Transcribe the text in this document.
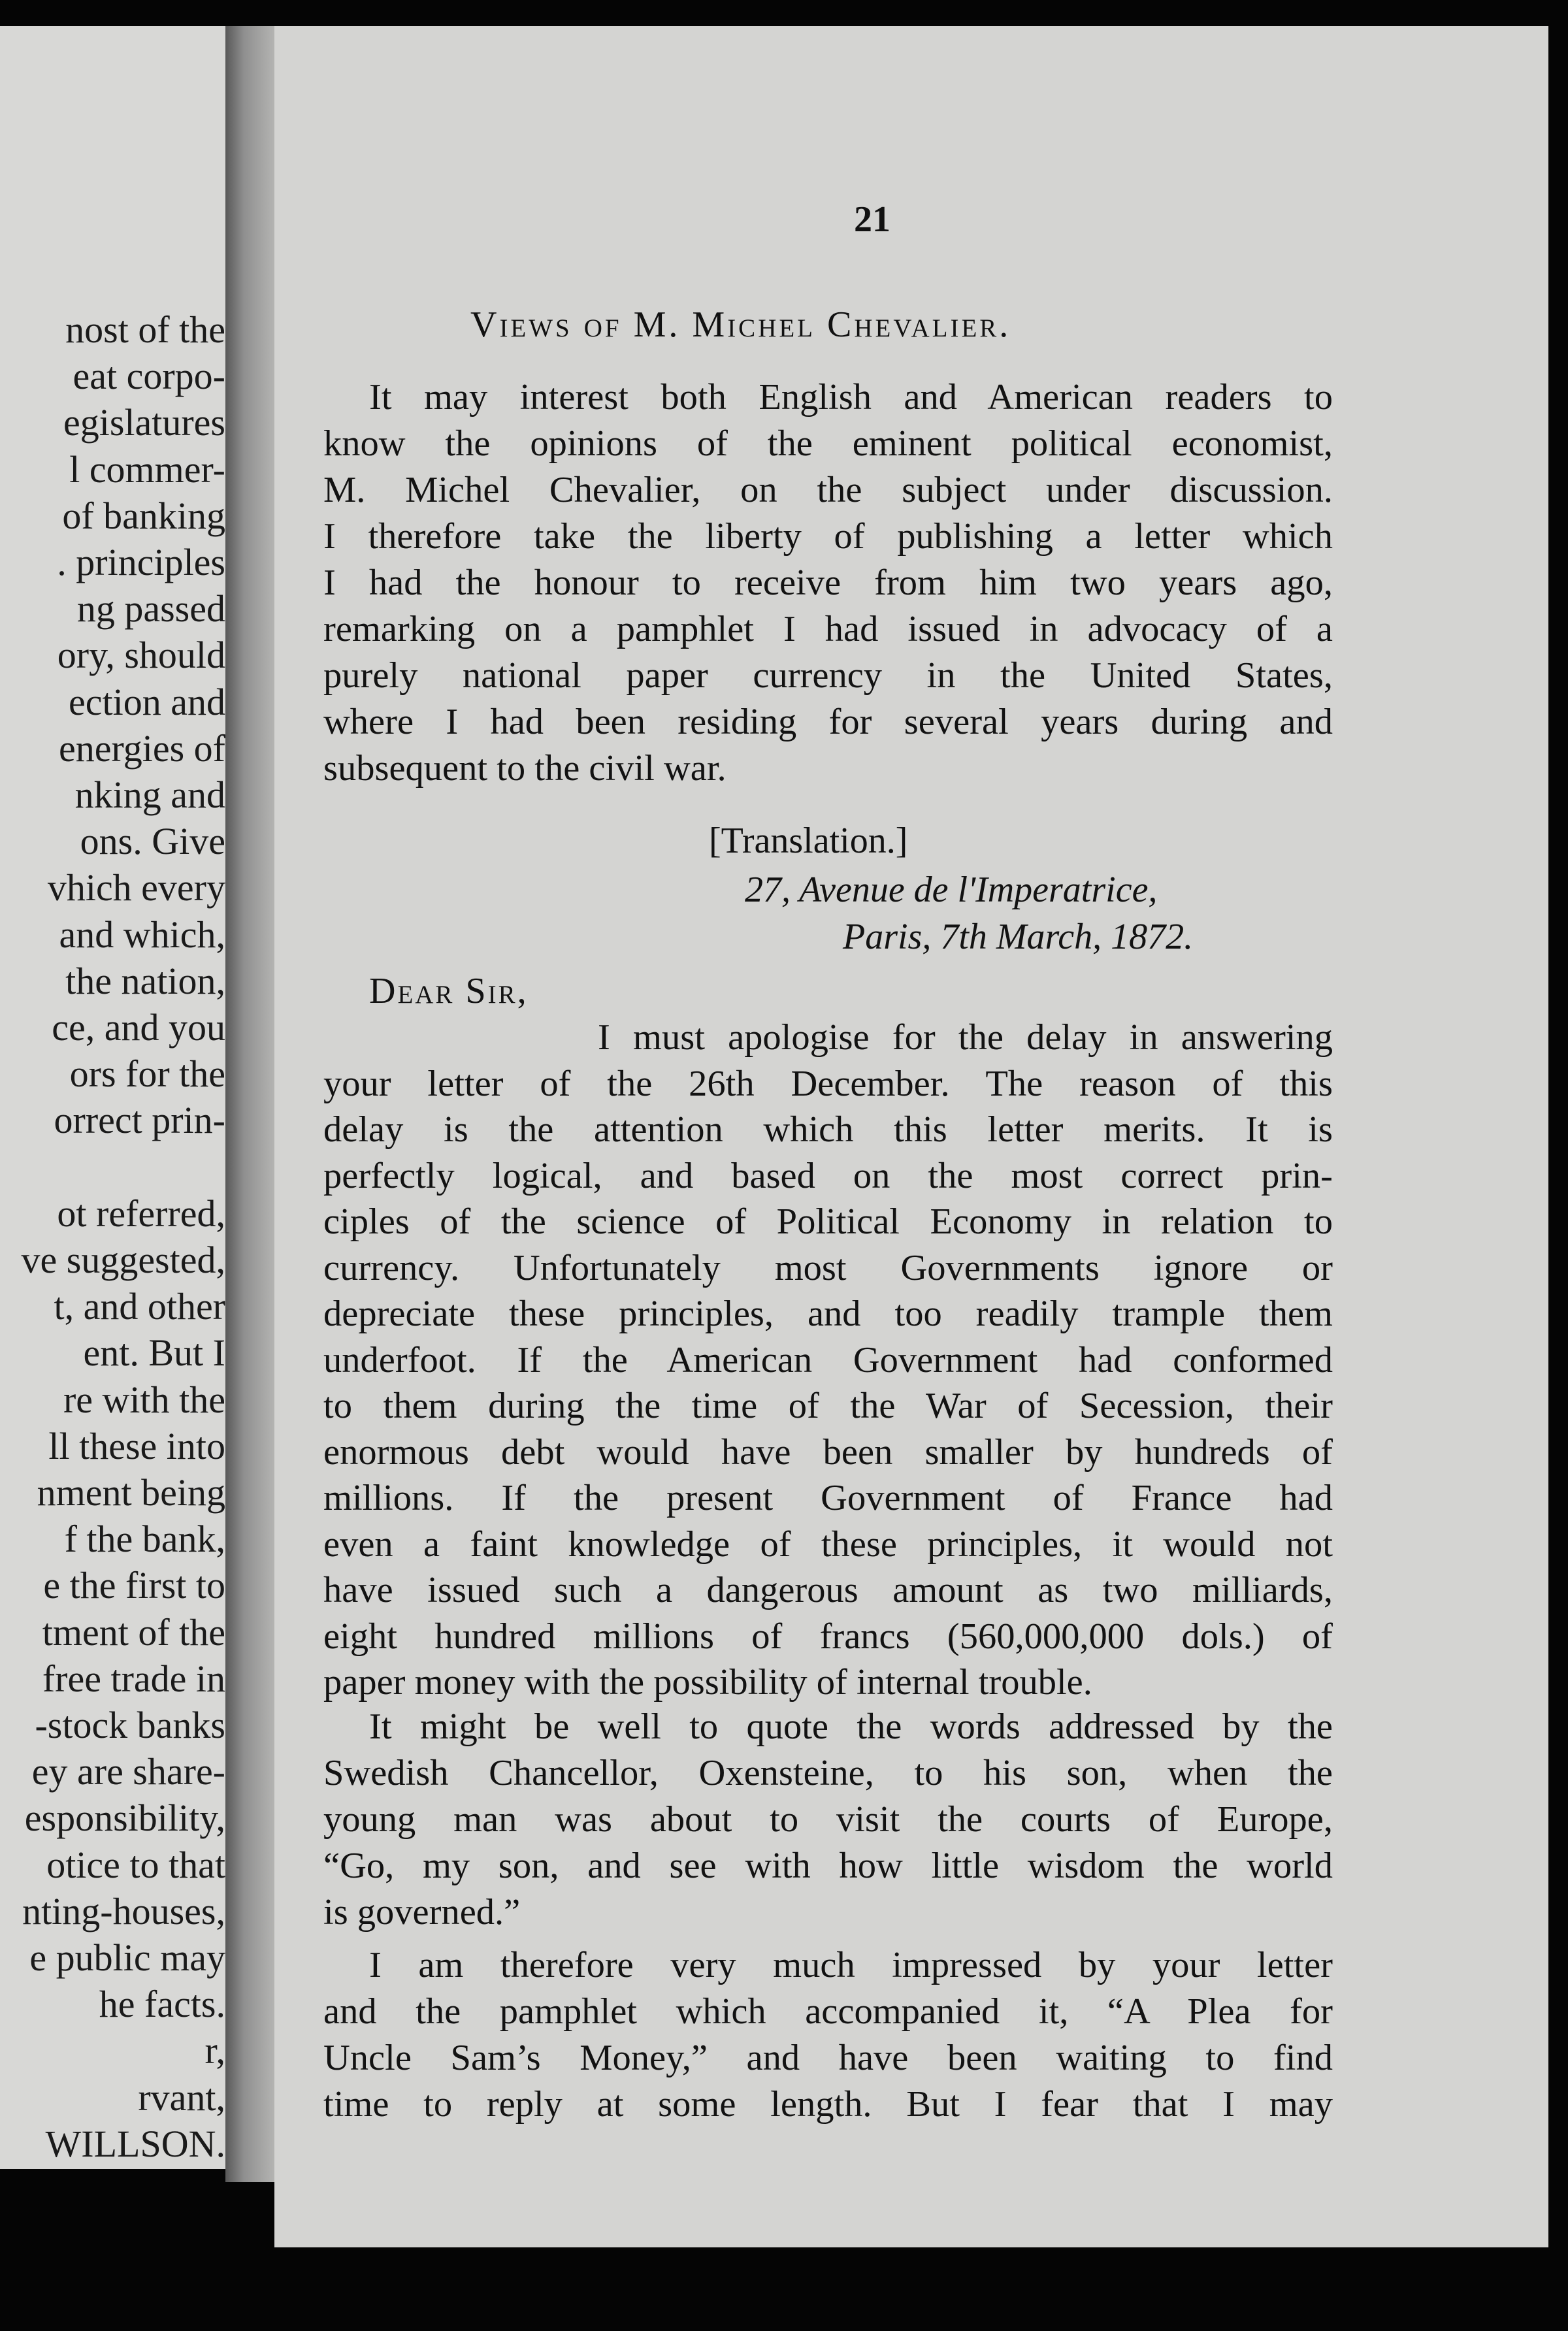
nost of the
eat corpo-
egislatures
l commer-
of banking
. principles
ng passed
ory, should
ection and
energies of
nking and
ons. Give
vhich every
and which,
the nation,
ce, and you
ors for the
orrect prin-
ot referred,
ve suggested,
t, and other
ent. But I
re with the
ll these into
nment being
f the bank,
e the first to
tment of the
free trade in
-stock banks
ey are share-
esponsibility,
otice to that
nting-houses,
e public may
he facts.
r,
rvant,
WILLSON.

21

Views of M. Michel Chevalier.

It may interest both English and American readers to

know the opinions of the eminent political economist,

M. Michel Chevalier, on the subject under discussion.

I therefore take the liberty of publishing a letter which

I had the honour to receive from him two years ago,

remarking on a pamphlet I had issued in advocacy of a

purely national paper currency in the United States,

where I had been residing for several years during and

subsequent to the civil war.

[Translation.]

27, Avenue de l'Imperatrice,

Paris, 7th March, 1872.

Dear Sir,

I must apologise for the delay in answering

your letter of the 26th December. The reason of this

delay is the attention which this letter merits. It is

perfectly logical, and based on the most correct prin-

ciples of the science of Political Economy in relation to

currency. Unfortunately most Governments ignore or

depreciate these principles, and too readily trample them

underfoot. If the American Government had conformed

to them during the time of the War of Secession, their

enormous debt would have been smaller by hundreds of

millions. If the present Government of France had

even a faint knowledge of these principles, it would not

have issued such a dangerous amount as two milliards,

eight hundred millions of francs (560,000,000 dols.) of

paper money with the possibility of internal trouble.

It might be well to quote the words addressed by the

Swedish Chancellor, Oxensteine, to his son, when the

young man was about to visit the courts of Europe,

“Go, my son, and see with how little wisdom the world

is governed.”

I am therefore very much impressed by your letter

and the pamphlet which accompanied it, “A Plea for

Uncle Sam’s Money,” and have been waiting to find

time to reply at some length. But I fear that I may
